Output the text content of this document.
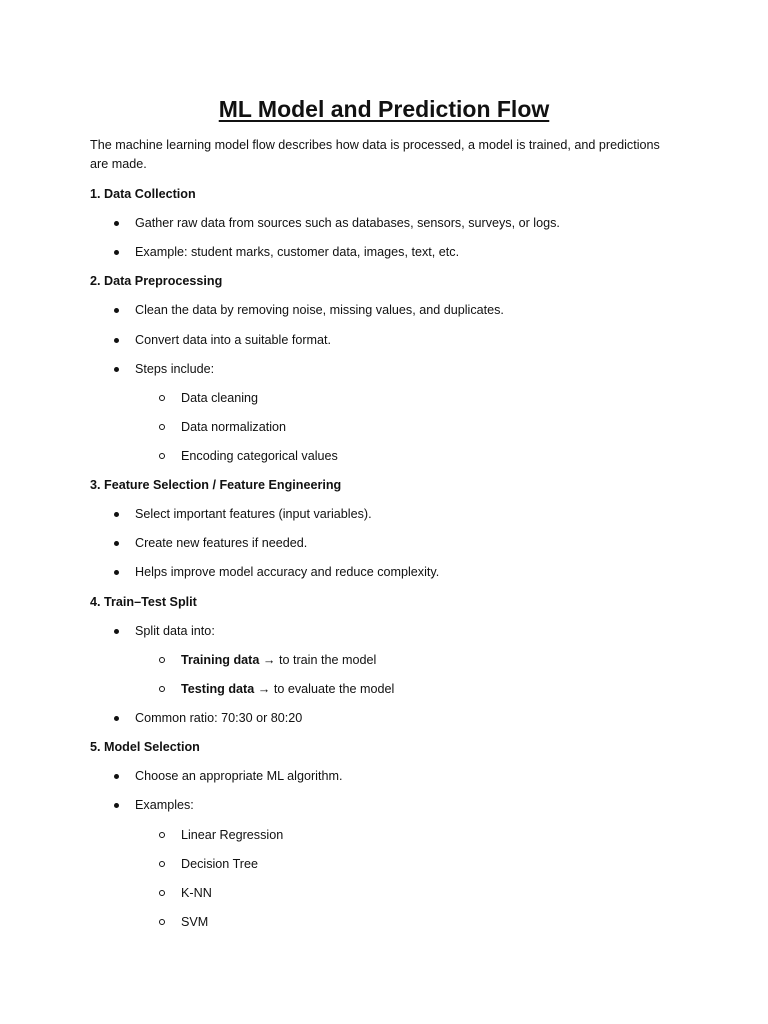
ML Model and Prediction Flow
The machine learning model flow describes how data is processed, a model is trained, and predictions are made.
1. Data Collection
Gather raw data from sources such as databases, sensors, surveys, or logs.
Example: student marks, customer data, images, text, etc.
2. Data Preprocessing
Clean the data by removing noise, missing values, and duplicates.
Convert data into a suitable format.
Steps include:
Data cleaning
Data normalization
Encoding categorical values
3. Feature Selection / Feature Engineering
Select important features (input variables).
Create new features if needed.
Helps improve model accuracy and reduce complexity.
4. Train–Test Split
Split data into:
Training data → to train the model
Testing data → to evaluate the model
Common ratio: 70:30 or 80:20
5. Model Selection
Choose an appropriate ML algorithm.
Examples:
Linear Regression
Decision Tree
K-NN
SVM
